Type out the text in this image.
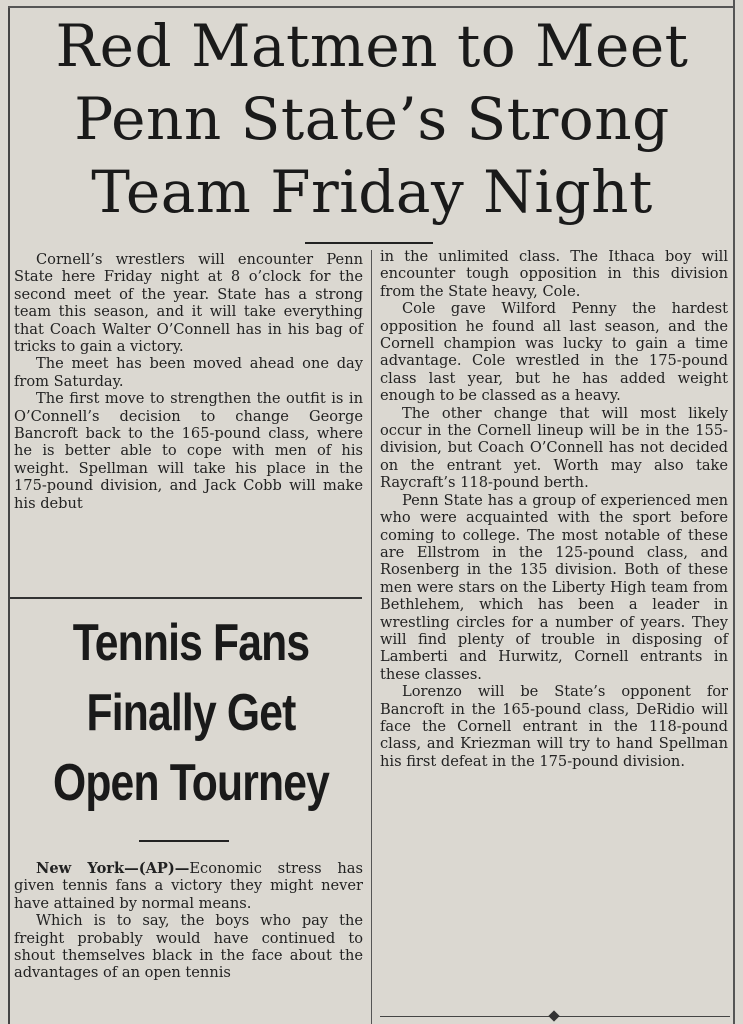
Red Matmen to Meet
Penn State’s Strong
Team Friday Night

Cornell’s wrestlers will encounter Penn State here Friday night at 8 o’clock for the second meet of the year. State has a strong team this season, and it will take everything that Coach Walter O’Connell has in his bag of tricks to gain a victory.

The meet has been moved ahead one day from Saturday.

The first move to strengthen the outfit is in O’Connell’s decision to change George Bancroft back to the 165-pound class, where he is better able to cope with men of his weight. Spellman will take his place in the 175-pound division, and Jack Cobb will make his debut

Tennis Fans
Finally Get
Open Tourney

New York—(AP)—Economic stress has given tennis fans a victory they might never have attained by normal means.

Which is to say, the boys who pay the freight probably would have continued to shout themselves black in the face about the advantages of an open tennis

in the unlimited class. The Ithaca boy will encounter tough opposition in this division from the State heavy, Cole.

Cole gave Wilford Penny the hardest opposition he found all last season, and the Cornell champion was lucky to gain a time advantage. Cole wrestled in the 175-pound class last year, but he has added weight enough to be classed as a heavy.

The other change that will most likely occur in the Cornell lineup will be in the 155-division, but Coach O’Connell has not decided on the entrant yet. Worth may also take Raycraft’s 118-pound berth.

Penn State has a group of experienced men who were acquainted with the sport before coming to college. The most notable of these are Ellstrom in the 125-pound class, and Rosenberg in the 135 division. Both of these men were stars on the Liberty High team from Bethlehem, which has been a leader in wrestling circles for a number of years. They will find plenty of trouble in disposing of Lamberti and Hurwitz, Cornell entrants in these classes.

Lorenzo will be State’s opponent for Bancroft in the 165-pound class, DeRidio will face the Cornell entrant in the 118-pound class, and Kriezman will try to hand Spellman his first defeat in the 175-pound division.
